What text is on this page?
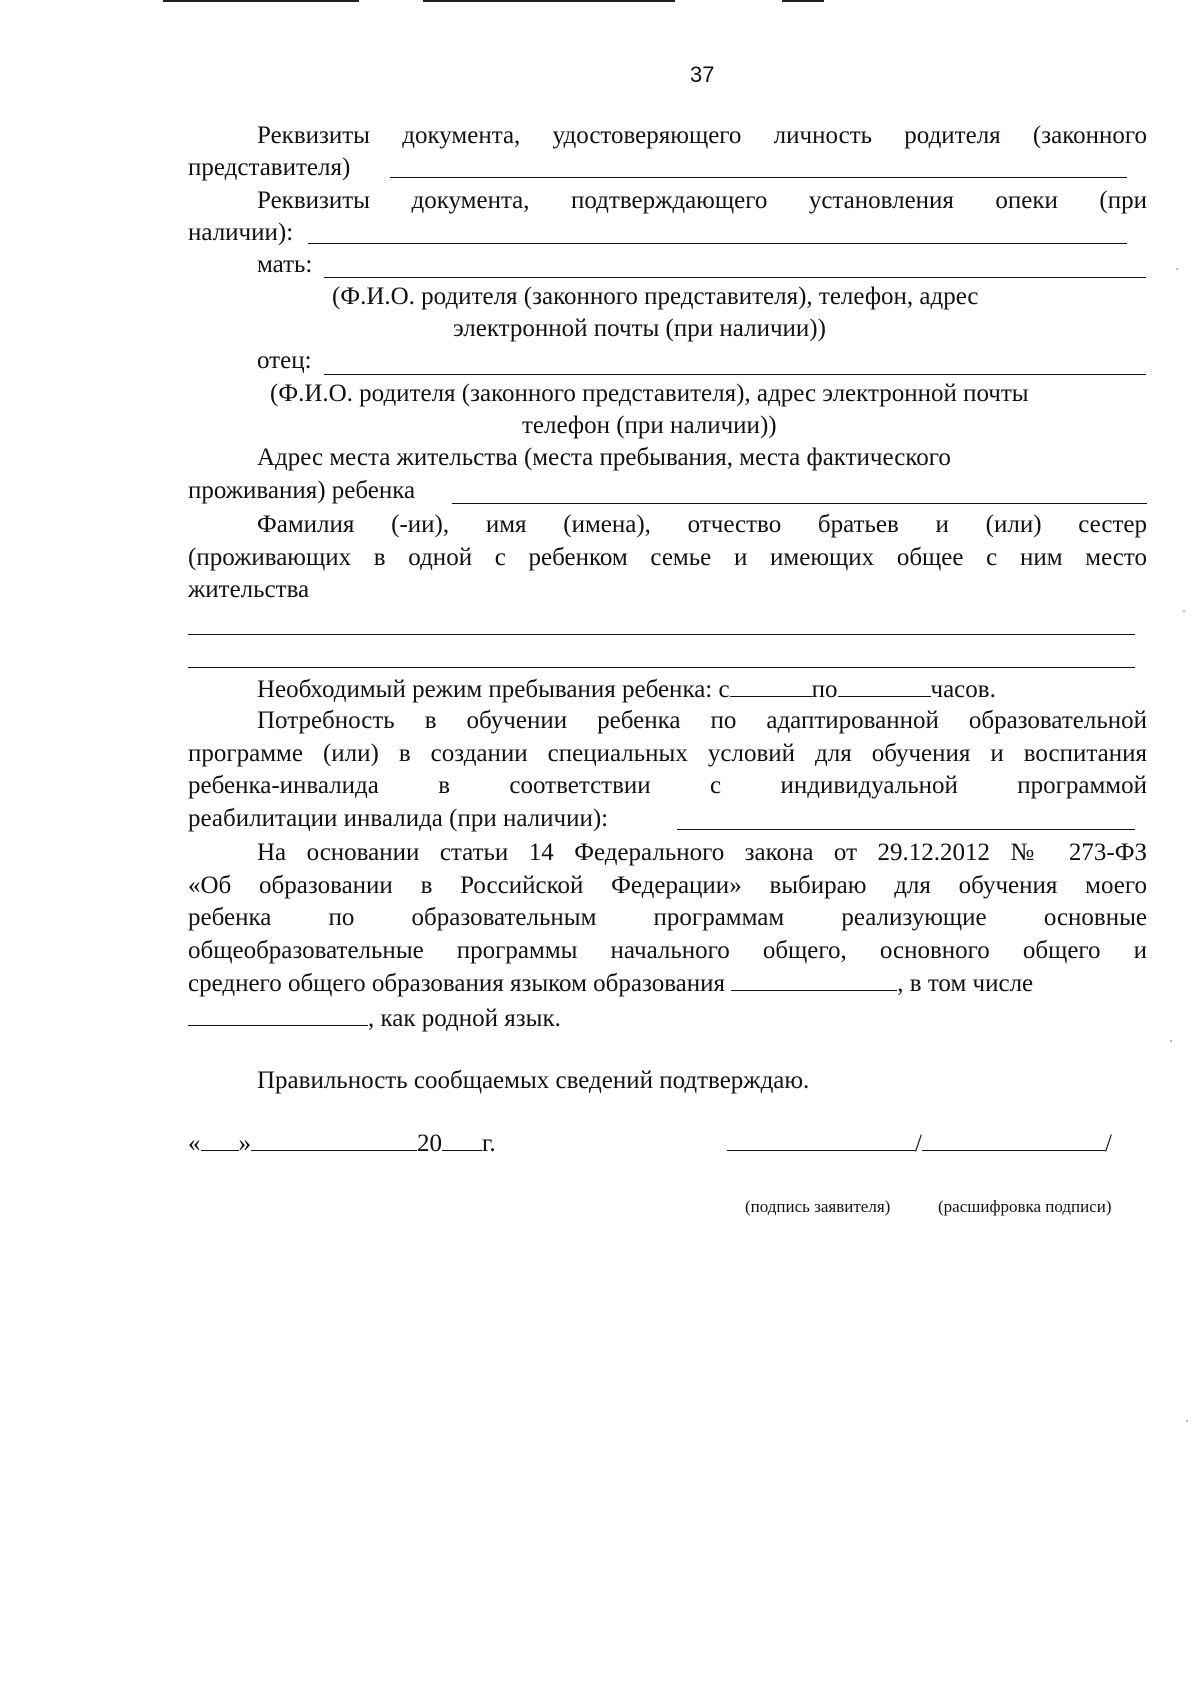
37
Реквизиты документа, удостоверяющего личность родителя (законного
представителя)
Реквизиты документа, подтверждающего установления опеки (при
наличии):
мать:
(Ф.И.О. родителя (законного представителя), телефон, адрес
электронной почты (при наличии))
отец:
(Ф.И.О. родителя (законного представителя), адрес электронной почты
телефон (при наличии))
Адрес места жительства (места пребывания, места фактического
проживания) ребенка
Фамилия (-ии), имя (имена), отчество братьев и (или) сестер
(проживающих в одной с ребенком семье и имеющих общее с ним место
жительства
Необходимый режим пребывания ребенка: с	по	часов.
Потребность в обучении ребенка по адаптированной образовательной
программе (или) в создании специальных условий для обучения и воспитания
ребенка-инвалида в соответствии с индивидуальной программой
реабилитации инвалида (при наличии):
На основании статьи 14 Федерального закона от 29.12.2012 № 273-ФЗ
«Об образовании в Российской Федерации» выбираю для обучения моего
ребенка по образовательным программам реализующие основные
общеобразовательные программы начального общего, основного общего и
среднего общего образования языком образования	, в том числе
, как родной язык.
Правильность сообщаемых сведений подтверждаю.
« »	20 г.	/	/
(подпись заявителя)	(расшифровка подписи)
